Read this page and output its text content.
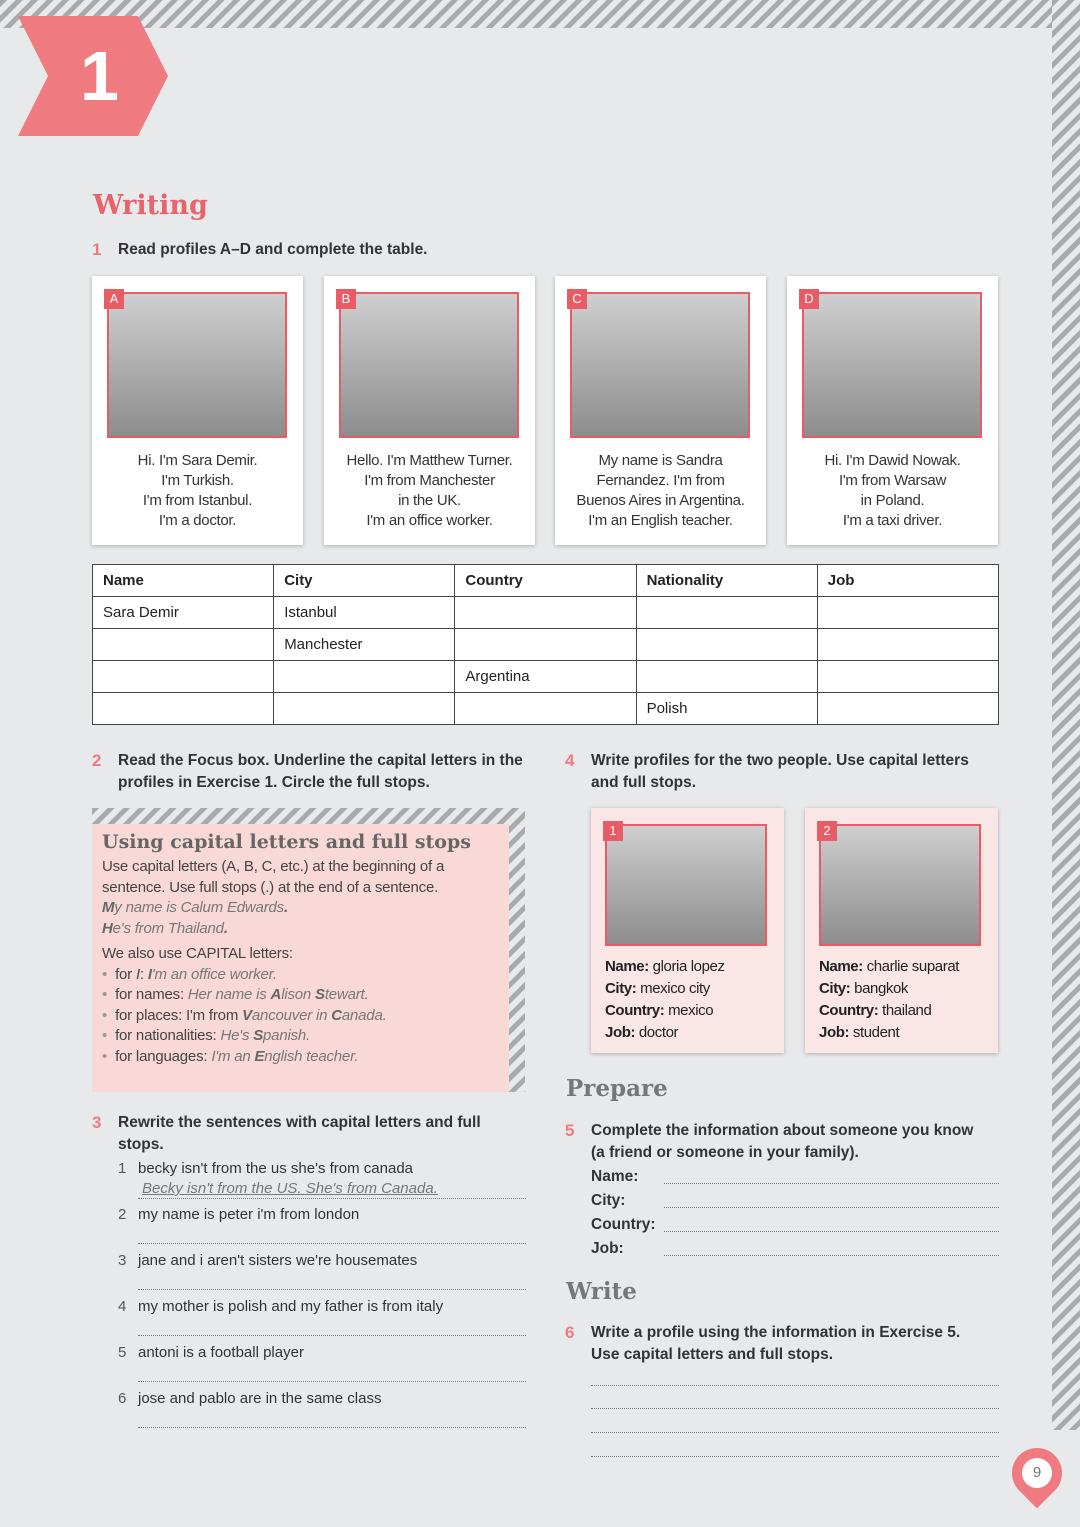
1
Writing
1 Read profiles A–D and complete the table.
A
Hi. I'm Sara Demir.
I'm Turkish.
I'm from Istanbul.
I'm a doctor.
B
Hello. I'm Matthew Turner.
I'm from Manchester
in the UK.
I'm an office worker.
C
My name is Sandra
Fernandez. I'm from
Buenos Aires in Argentina.
I'm an English teacher.
D
Hi. I'm Dawid Nowak.
I'm from Warsaw
in Poland.
I'm a taxi driver.
Name	City	Country	Nationality	Job
Sara Demir	Istanbul			
	Manchester			
		Argentina		
			Polish	
2 Read the Focus box. Underline the capital letters in the profiles in Exercise 1. Circle the full stops.
Using capital letters and full stops
Use capital letters (A, B, C, etc.) at the beginning of a sentence. Use full stops (.) at the end of a sentence.
My name is Calum Edwards.
He's from Thailand.
We also use CAPITAL letters:
• for I: I'm an office worker.
• for names: Her name is Alison Stewart.
• for places: I'm from Vancouver in Canada.
• for nationalities: He's Spanish.
• for languages: I'm an English teacher.
3 Rewrite the sentences with capital letters and full stops.
1 becky isn't from the us she's from canada
Becky isn't from the US. She's from Canada.
2 my name is peter i'm from london
3 jane and i aren't sisters we're housemates
4 my mother is polish and my father is from italy
5 antoni is a football player
6 jose and pablo are in the same class
4 Write profiles for the two people. Use capital letters and full stops.
1
Name: gloria lopez
City: mexico city
Country: mexico
Job: doctor
2
Name: charlie suparat
City: bangkok
Country: thailand
Job: student
Prepare
5 Complete the information about someone you know (a friend or someone in your family).
Name:
City:
Country:
Job:
Write
6 Write a profile using the information in Exercise 5. Use capital letters and full stops.
9
